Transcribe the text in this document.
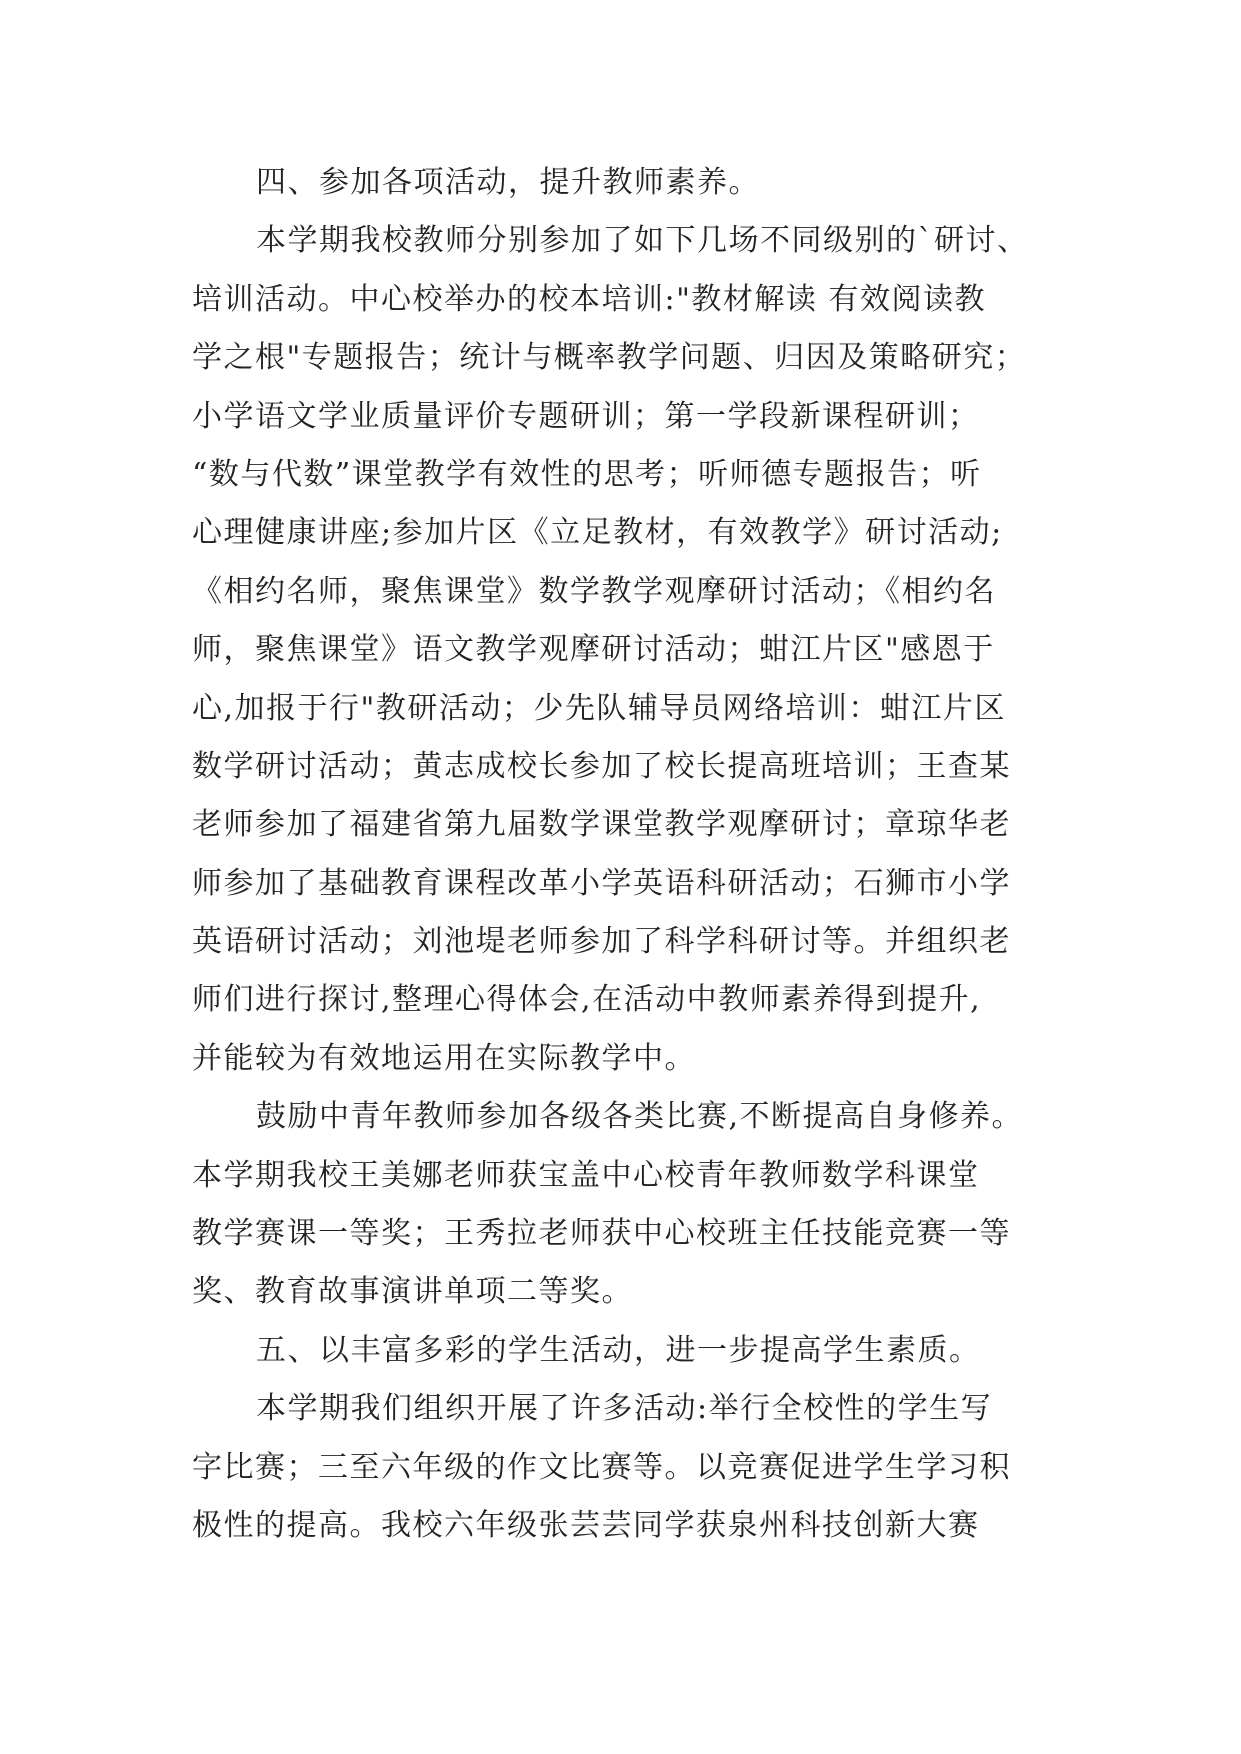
四、参加各项活动，提升教师素养。
本学期我校教师分别参加了如下几场不同级别的`研讨、
培训活动。中心校举办的校本培训:"教材解读 有效阅读教
学之根"专题报告；统计与概率教学问题、归因及策略研究；
小学语文学业质量评价专题研训；第一学段新课程研训；
“数与代数”课堂教学有效性的思考；听师德专题报告；听
心理健康讲座;参加片区《立足教材，有效教学》研讨活动;
《相约名师，聚焦课堂》数学教学观摩研讨活动；《相约名
师，聚焦课堂》语文教学观摩研讨活动；蚶江片区"感恩于
心,加报于行"教研活动；少先队辅导员网络培训：蚶江片区
数学研讨活动；黄志成校长参加了校长提高班培训；王查某
老师参加了福建省第九届数学课堂教学观摩研讨；章琼华老
师参加了基础教育课程改革小学英语科研活动；石狮市小学
英语研讨活动；刘池堤老师参加了科学科研讨等。并组织老
师们进行探讨,整理心得体会,在活动中教师素养得到提升,
并能较为有效地运用在实际教学中。
鼓励中青年教师参加各级各类比赛,不断提高自身修养。
本学期我校王美娜老师获宝盖中心校青年教师数学科课堂
教学赛课一等奖；王秀拉老师获中心校班主任技能竞赛一等
奖、教育故事演讲单项二等奖。
五、以丰富多彩的学生活动，进一步提高学生素质。
本学期我们组织开展了许多活动:举行全校性的学生写
字比赛；三至六年级的作文比赛等。以竞赛促进学生学习积
极性的提高。我校六年级张芸芸同学获泉州科技创新大赛
